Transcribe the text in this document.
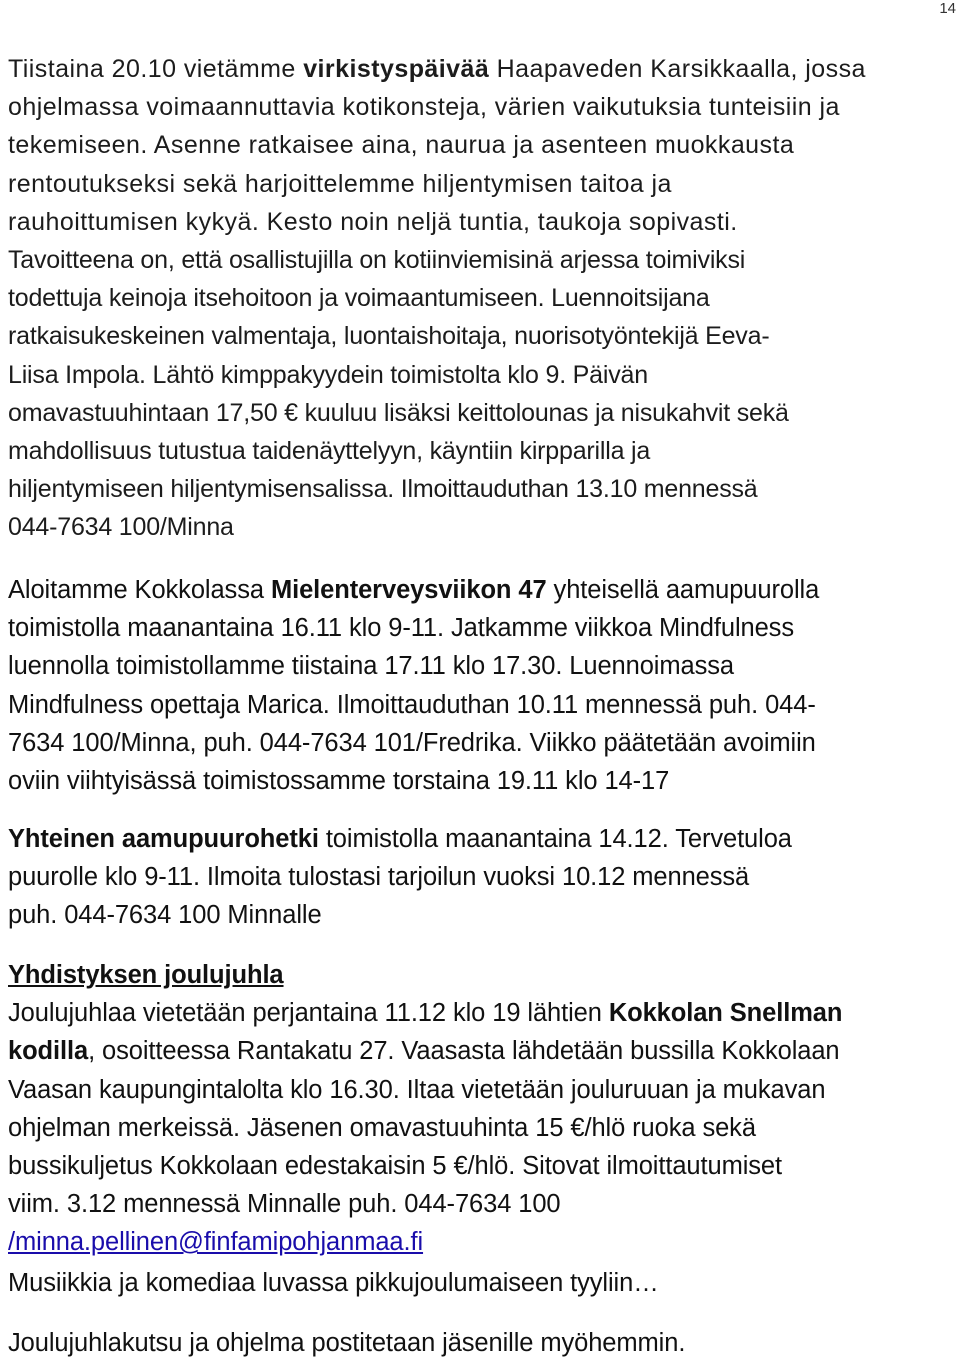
14
Tiistaina 20.10 vietämme virkistyspäivää Haapaveden Karsikkaalla, jossa
ohjelmassa voimaannuttavia kotikonsteja, värien vaikutuksia tunteisiin ja
tekemiseen. Asenne ratkaisee aina, naurua ja asenteen muokkausta
rentoutukseksi sekä harjoittelemme hiljentymisen taitoa ja
rauhoittumisen kykyä. Kesto noin neljä tuntia, taukoja sopivasti.
Tavoitteena on, että osallistujilla on kotiinviemisinä arjessa toimiviksi
todettuja keinoja itsehoitoon ja voimaantumiseen. Luennoitsijana
ratkaisukeskeinen valmentaja, luontaishoitaja, nuorisotyöntekijä Eeva-
Liisa Impola. Lähtö kimppakyydein toimistolta klo 9. Päivän
omavastuuhintaan 17,50 € kuuluu lisäksi keittolounas ja nisukahvit sekä
mahdollisuus tutustua taidenäyttelyyn, käyntiin kirpparilla ja
hiljentymiseen hiljentymisensalissa. Ilmoittauduthan 13.10 mennessä
044-7634 100/Minna
Aloitamme Kokkolassa Mielenterveysviikon 47 yhteisellä aamupuurolla
toimistolla maanantaina 16.11 klo 9-11. Jatkamme viikkoa Mindfulness
luennolla toimistollamme tiistaina 17.11 klo 17.30. Luennoimassa
Mindfulness opettaja Marica. Ilmoittauduthan 10.11 mennessä puh. 044-
7634 100/Minna, puh. 044-7634 101/Fredrika. Viikko päätetään avoimiin
oviin viihtyisässä toimistossamme torstaina 19.11 klo 14-17
Yhteinen aamupuurohetki toimistolla maanantaina 14.12. Tervetuloa
puurolle klo 9-11. Ilmoita tulostasi tarjoilun vuoksi 10.12 mennessä
puh. 044-7634 100 Minnalle
Yhdistyksen joulujuhla
Joulujuhlaa vietetään perjantaina 11.12 klo 19 lähtien Kokkolan Snellman
kodilla, osoitteessa Rantakatu 27. Vaasasta lähdetään bussilla Kokkolaan
Vaasan kaupungintalolta klo 16.30. Iltaa vietetään jouluruuan ja mukavan
ohjelman merkeissä. Jäsenen omavastuuhinta 15 €/hlö ruoka sekä
bussikuljetus Kokkolaan edestakaisin 5 €/hlö. Sitovat ilmoittautumiset
viim. 3.12 mennessä Minnalle puh. 044-7634 100
/minna.pellinen@finfamipohjanmaa.fi
Musiikkia ja komediaa luvassa pikkujoulumaiseen tyyliin…
Joulujuhlakutsu ja ohjelma postitetaan jäsenille myöhemmin.
